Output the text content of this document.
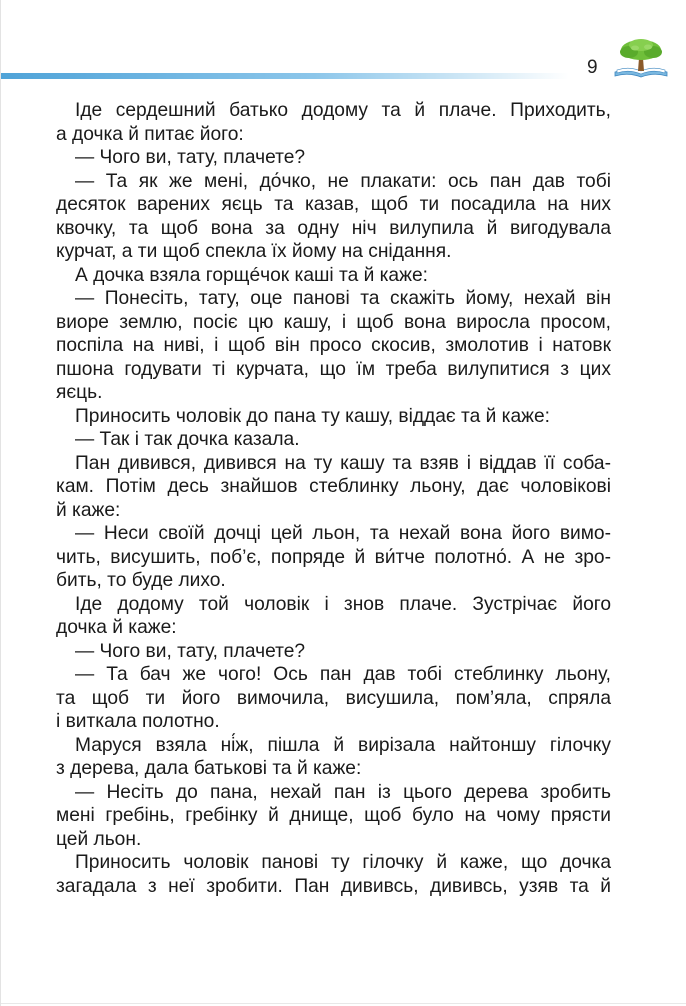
9
Іде сердешний батько додому та й плаче. Приходить,
а дочка й питає його:
— Чого ви, тату, плачете?
— Та як же мені, до́чко, не плакати: ось пан дав тобі
десяток варених яєць та казав, щоб ти посадила на них
квочку, та щоб вона за одну ніч вилупила й вигодувала
курчат, а ти щоб спекла їх йому на снідання.
А дочка взяла горщéчок каші та й каже:
— Понесіть, тату, оце панові та скажіть йому, нехай він
виоре землю, посіє цю кашу, і щоб вона виросла просом,
поспіла на ниві, і щоб він просо скосив, змолотив і натовк
пшона годувати ті курчата, що їм треба вилупитися з цих
яєць.
Приносить чоловік до пана ту кашу, віддає та й каже:
— Так і так дочка казала.
Пан дивився, дивився на ту кашу та взяв і віддав її соба-
кам. Потім десь знайшов стеблинку льону, дає чоловікові
й каже:
— Неси своїй дочці цей льон, та нехай вона його вимо-
чить, висушить, поб’є, попряде й ви́тче полотно́. А не зро-
бить, то буде лихо.
Іде додому той чоловік і знов плаче. Зустрічає його
дочка й каже:
— Чого ви, тату, плачете?
— Та бач же чого! Ось пан дав тобі стеблинку льону,
та щоб ти його вимочила, висушила, пом’яла, спряла
і виткала полотно.
Маруся взяла ні́ж, пішла й вирізала найтоншу гілочку
з дерева, дала батькові та й каже:
— Несіть до пана, нехай пан із цього дерева зробить
мені гребінь, гребінку й днище, щоб було на чому прясти
цей льон.
Приносить чоловік панові ту гілочку й каже, що дочка
загадала з неї зробити. Пан дививсь, дививсь, узяв та й
